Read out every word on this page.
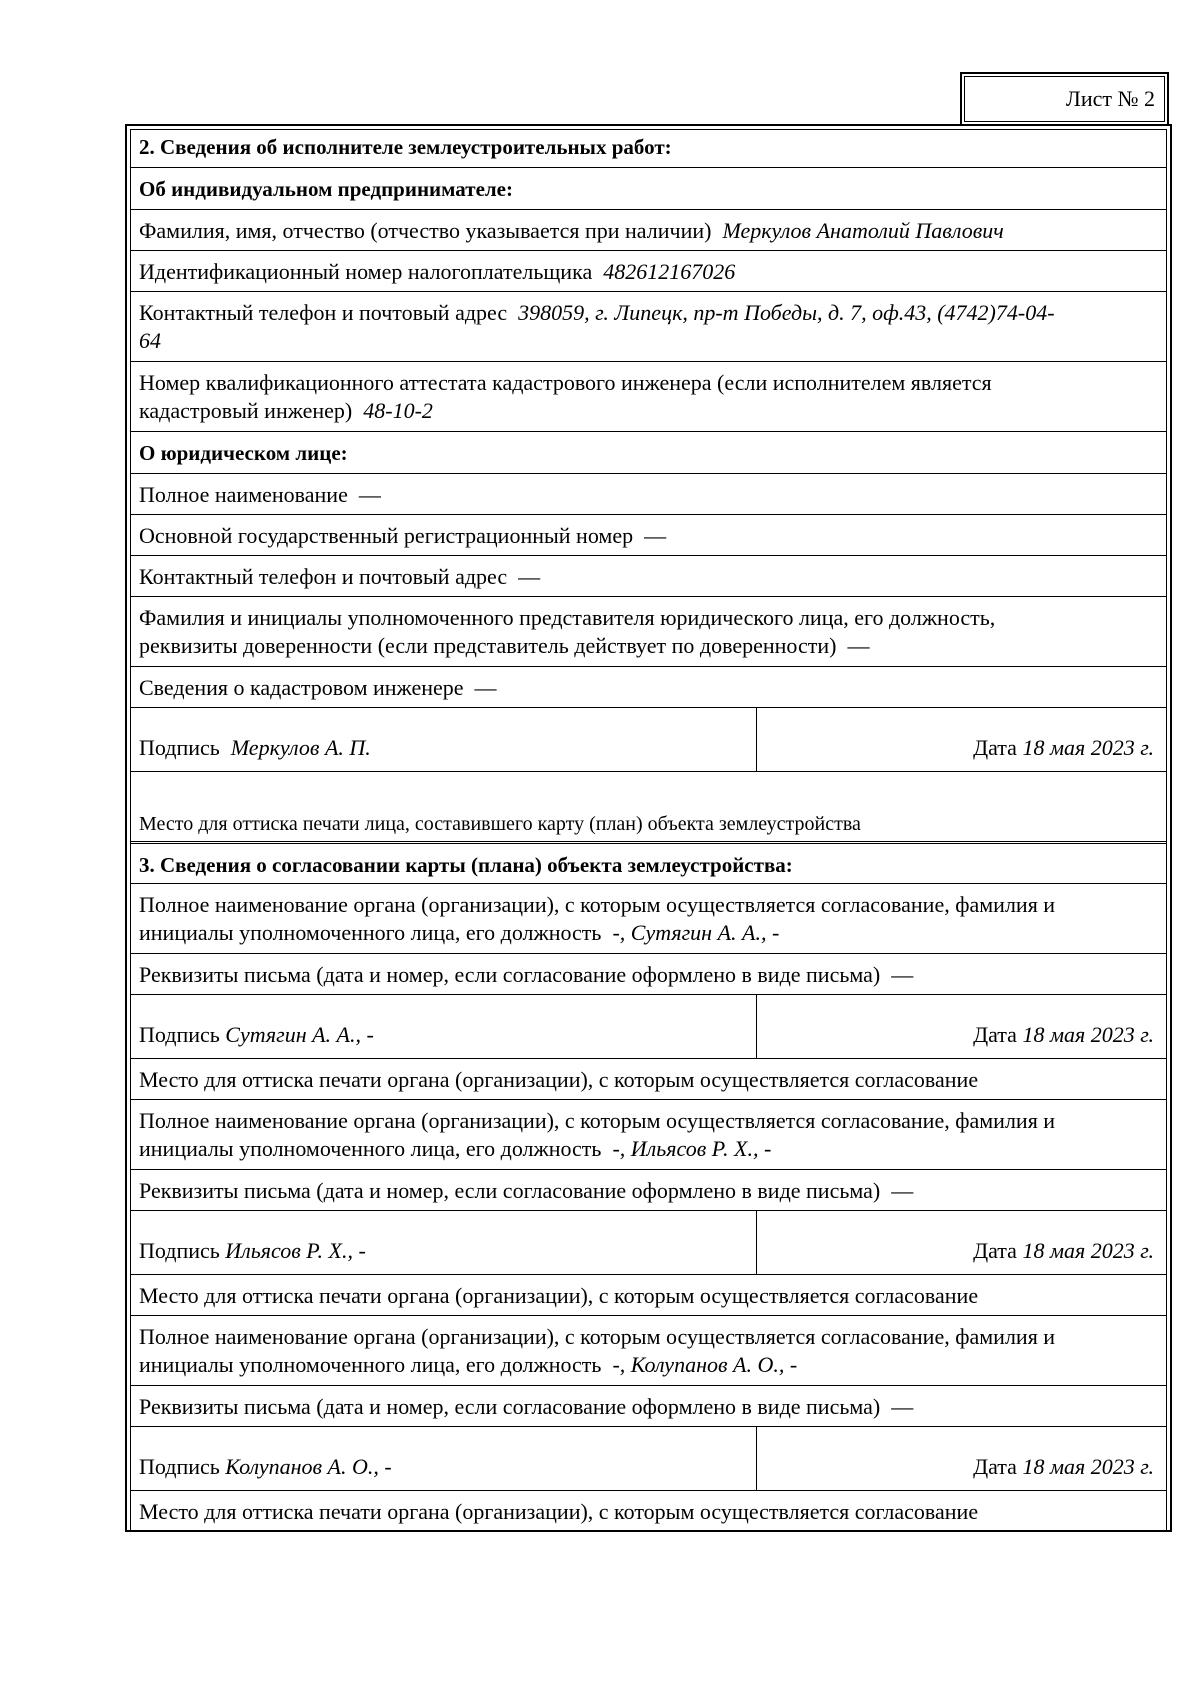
Лист № 2
2. Сведения об исполнителе землеустроительных работ:
Об индивидуальном предпринимателе:
Фамилия, имя, отчество (отчество указывается при наличии) Меркулов Анатолий Павлович
Идентификационный номер налогоплательщика 482612167026
Контактный телефон и почтовый адрес 398059, г. Липецк, пр-т Победы, д. 7, оф.43, (4742)74-04-
64
Номер квалификационного аттестата кадастрового инженера (если исполнителем является
кадастровый инженер) 48-10-2
О юридическом лице:
Полное наименование —
Основной государственный регистрационный номер —
Контактный телефон и почтовый адрес —
Фамилия и инициалы уполномоченного представителя юридического лица, его должность,
реквизиты доверенности (если представитель действует по доверенности) —
Сведения о кадастровом инженере —
Подпись Меркулов А. П.	Дата 18 мая 2023 г.
Место для оттиска печати лица, составившего карту (план) объекта землеустройства
3. Сведения о согласовании карты (плана) объекта землеустройства:
Полное наименование органа (организации), с которым осуществляется согласование, фамилия и
инициалы уполномоченного лица, его должность -, Сутягин А. А., -
Реквизиты письма (дата и номер, если согласование оформлено в виде письма) —
Подпись Сутягин А. А., -	Дата 18 мая 2023 г.
Место для оттиска печати органа (организации), с которым осуществляется согласование
Полное наименование органа (организации), с которым осуществляется согласование, фамилия и
инициалы уполномоченного лица, его должность -, Ильясов Р. Х., -
Реквизиты письма (дата и номер, если согласование оформлено в виде письма) —
Подпись Ильясов Р. Х., -	Дата 18 мая 2023 г.
Место для оттиска печати органа (организации), с которым осуществляется согласование
Полное наименование органа (организации), с которым осуществляется согласование, фамилия и
инициалы уполномоченного лица, его должность -, Колупанов А. О., -
Реквизиты письма (дата и номер, если согласование оформлено в виде письма) —
Подпись Колупанов А. О., -	Дата 18 мая 2023 г.
Место для оттиска печати органа (организации), с которым осуществляется согласование
